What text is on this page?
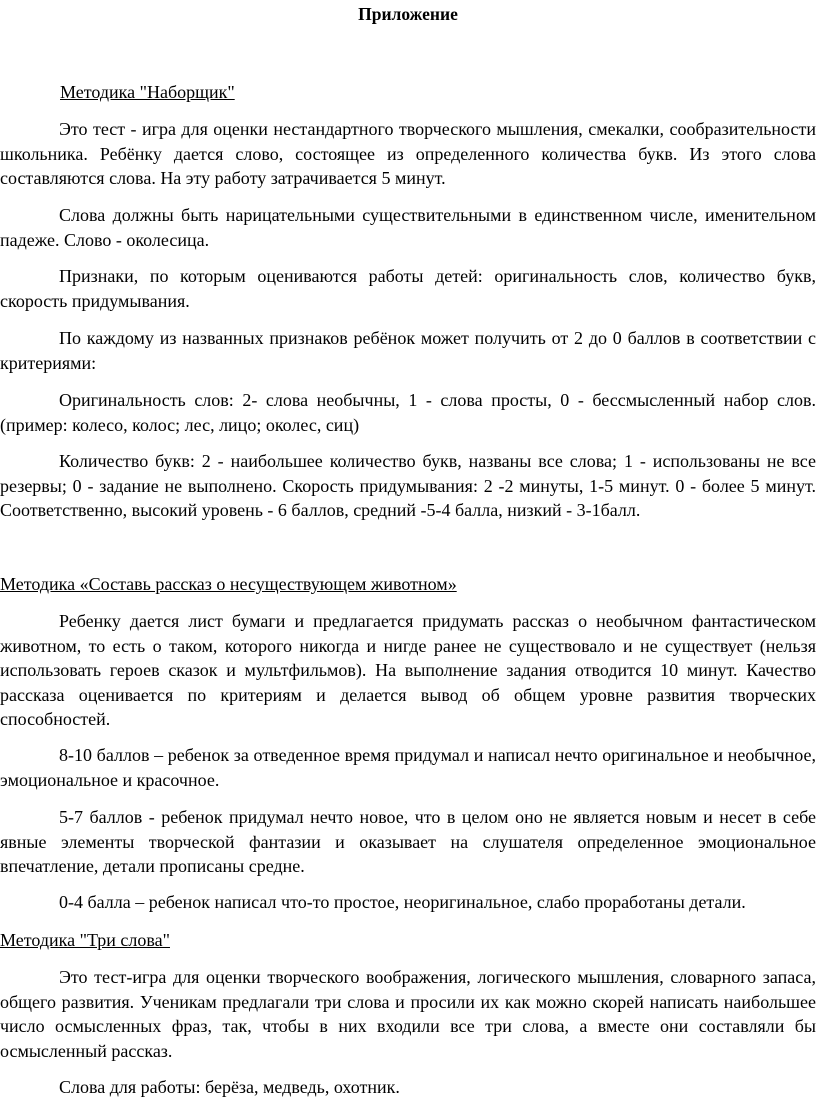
Приложение
Методика "Наборщик"
Это тест - игра для оценки нестандартного творческого мышления, смекалки, сообразительности школьника. Ребёнку дается слово, состоящее из определенного количества букв. Из этого слова составляются слова. На эту работу затрачивается 5 минут.
Слова должны быть нарицательными существительными в единственном числе, именительном падеже. Слово - околесица.
Признаки, по которым оцениваются работы детей: оригинальность слов, количество букв, скорость придумывания.
По каждому из названных признаков ребёнок может получить от 2 до 0 баллов в соответствии с критериями:
Оригинальность слов: 2- слова необычны, 1 - слова просты, 0 - бессмысленный набор слов.(пример: колесо, колос; лес, лицо; околес, сиц)
Количество букв: 2 - наибольшее количество букв, названы все слова; 1 - использованы не все резервы; 0 - задание не выполнено. Скорость придумывания: 2 -2 минуты, 1-5 минут. 0 - более 5 минут. Соответственно, высокий уровень - 6 баллов, средний -5-4 балла, низкий - 3-1балл.
Методика «Составь рассказ о несуществующем животном»
Ребенку дается лист бумаги и предлагается придумать рассказ о необычном фантастическом животном, то есть о таком, которого никогда и нигде ранее не существовало и не существует (нельзя использовать героев сказок и мультфильмов). На выполнение задания отводится 10 минут. Качество рассказа оценивается по критериям и делается вывод об общем уровне развития творческих способностей.
8-10 баллов – ребенок за отведенное время придумал и написал нечто оригинальное и необычное, эмоциональное и красочное.
5-7 баллов - ребенок придумал нечто новое, что в целом оно не является новым и несет в себе явные элементы творческой фантазии и оказывает на слушателя определенное эмоциональное впечатление, детали прописаны средне.
0-4 балла – ребенок написал что-то простое, неоригинальное, слабо проработаны детали.
Методика "Три слова"
Это тест-игра для оценки творческого воображения, логического мышления, словарного запаса, общего развития. Ученикам предлагали три слова и просили их как можно скорей написать наибольшее число осмысленных фраз, так, чтобы в них входили все три слова, а вместе они составляли бы осмысленный рассказ.
Слова для работы: берёза, медведь, охотник.
